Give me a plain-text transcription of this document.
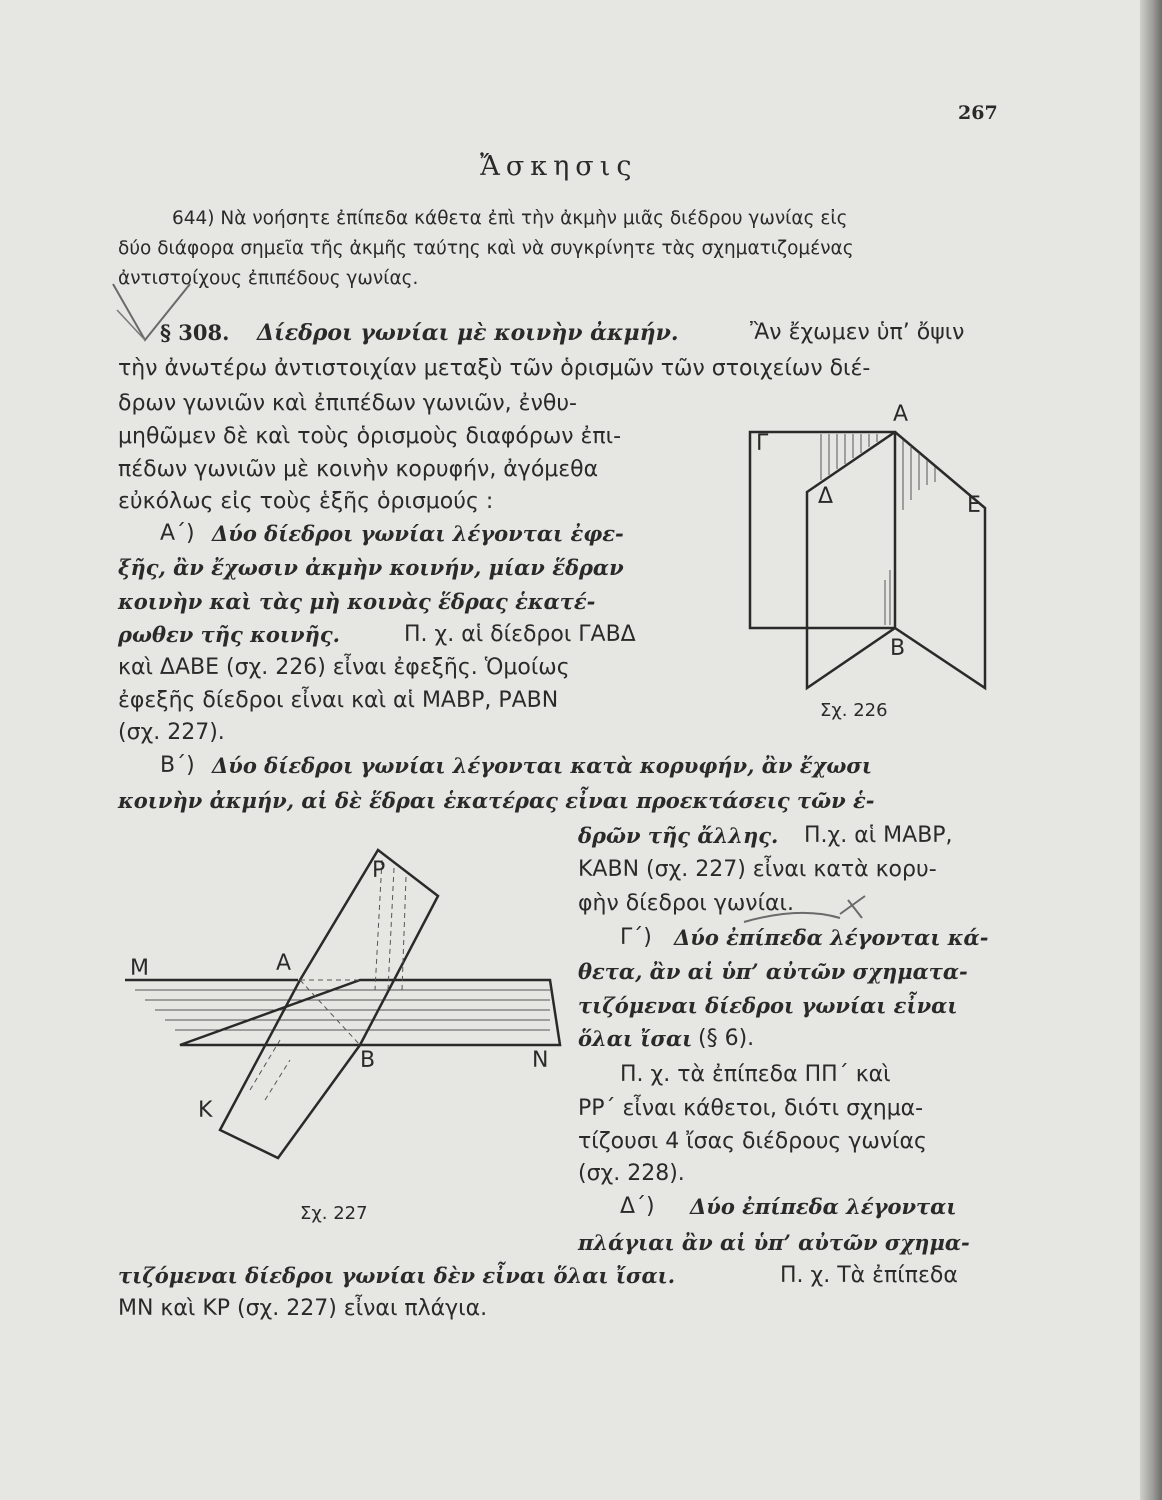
267
Ἄσκησις
644) Νὰ νοήσητε ἐπίπεδα κάθετα ἐπὶ τὴν ἀκμὴν μιᾶς διέδρου γωνίας εἰς
δύο διάφορα σημεῖα τῆς ἀκμῆς ταύτης καὶ νὰ συγκρίνητε τὰς σχηματιζομένας
ἀντιστοίχους ἐπιπέδους γωνίας.
§ 308. Δίεδροι γωνίαι μὲ κοινὴν ἀκμήν.	Ἂν ἔχωμεν ὑπ’ ὄψιν
τὴν ἀνωτέρω ἀντιστοιχίαν μεταξὺ τῶν ὁρισμῶν τῶν στοιχείων διέ-
δρων γωνιῶν καὶ ἐπιπέδων γωνιῶν, ἐνθυ-
μηθῶμεν δὲ καὶ τοὺς ὁρισμοὺς διαφόρων ἐπι-
πέδων γωνιῶν μὲ κοινὴν κορυφήν, ἀγόμεθα
εὐκόλως εἰς τοὺς ἑξῆς ὁρισμούς :
Α΄) Δύο δίεδροι γωνίαι λέγονται ἐφε-
ξῆς, ἂν ἔχωσιν ἀκμὴν κοινήν, μίαν ἕδραν
κοινὴν καὶ τὰς μὴ κοινὰς ἕδρας ἑκατέ-
ρωθεν τῆς κοινῆς.	Π. χ. αἱ δίεδροι ΓΑΒΔ
καὶ ΔΑΒΕ (σχ. 226) εἶναι ἐφεξῆς. Ὁμοίως
ἐφεξῆς δίεδροι εἶναι καὶ αἱ ΜΑΒΡ, ΡΑΒΝ
(σχ. 227).
Α
Γ
Δ	Ε
Β
Σχ. 226
Β΄) Δύο δίεδροι γωνίαι λέγονται κατὰ κορυφήν, ἂν ἔχωσι
κοινὴν ἀκμήν, αἱ δὲ ἕδραι ἑκατέρας εἶναι προεκτάσεις τῶν ἑ-
δρῶν τῆς ἄλλης. Π.χ. αἱ ΜΑΒΡ,
ΚΑΒΝ (σχ. 227) εἶναι κατὰ κορυ-
φὴν δίεδροι γωνίαι.
Γ΄) Δύο ἐπίπεδα λέγονται κά-
θετα, ἂν αἱ ὑπ’ αὐτῶν σχηματα-
τιζόμεναι δίεδροι γωνίαι εἶναι
ὅλαι ἴσαι (§ 6).
Π. χ. τὰ ἐπίπεδα ΠΠ΄ καὶ
ΡΡ΄ εἶναι κάθετοι, διότι σχημα-
τίζουσι 4 ἴσας διέδρους γωνίας
(σχ. 228).
Μ	Α
Ρ
Β	Ν
Κ
Σχ. 227	Δ΄) Δύο ἐπίπεδα λέγονται
πλάγιαι ἂν αἱ ὑπ’ αὐτῶν σχημα-
τιζόμεναι δίεδροι γωνίαι δὲν εἶναι ὅλαι ἴσαι.	Π. χ. Τὰ ἐπίπεδα
ΜΝ καὶ ΚΡ (σχ. 227) εἶναι πλάγια.
